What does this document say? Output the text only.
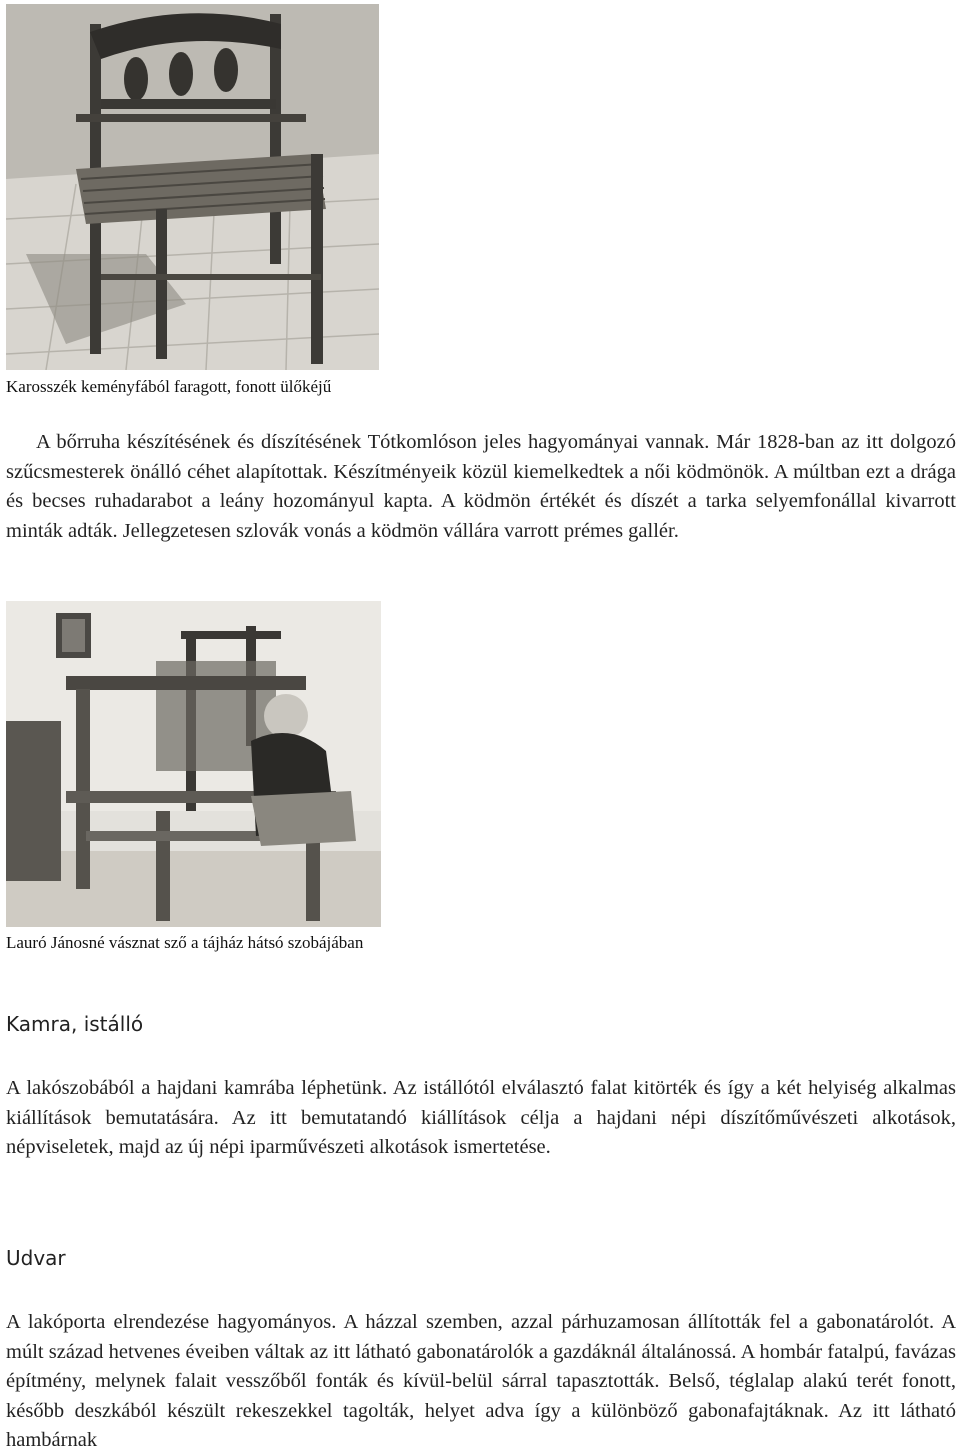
Karosszék keményfából faragott, fonott ülőkéjű

A bőrruha készítésének és díszítésének Tótkomlóson jeles hagyományai vannak. Már 1828-ban az itt dolgozó szűcsmesterek önálló céhet alapítottak. Készítményeik közül kiemelkedtek a női ködmönök. A múltban ezt a drága és becses ruhadarabot a leány hozományul kapta. A ködmön értékét és díszét a tarka selyemfonállal kivarrott minták adták. Jellegzetesen szlovák vonás a ködmön vállára varrott prémes gallér.

Lauró Jánosné vásznat sző a tájház hátsó szobájában
Kamra, istálló

A lakószobából a hajdani kamrába léphetünk. Az istállótól elválasztó falat kitörték és így a két helyiség alkalmas kiállítások bemutatására. Az itt bemutatandó kiállítások célja a hajdani népi díszítőművészeti alkotások, népviseletek, majd az új népi iparművészeti alkotások ismertetése.

Udvar

A lakóporta elrendezése hagyományos. A házzal szemben, azzal párhuzamosan állították fel a gabonatárolót. A múlt század hetvenes éveiben váltak az itt látható gabonatárolók a gazdáknál általánossá. A hombár fatalpú, favázas építmény, melynek falait vesszőből fonták és kívül-belül sárral tapasztották. Belső, téglalap alakú terét fonott, később deszkából készült rekeszekkel tagolták, helyet adva így a különböző gabonafajtáknak. Az itt látható hambárnak
